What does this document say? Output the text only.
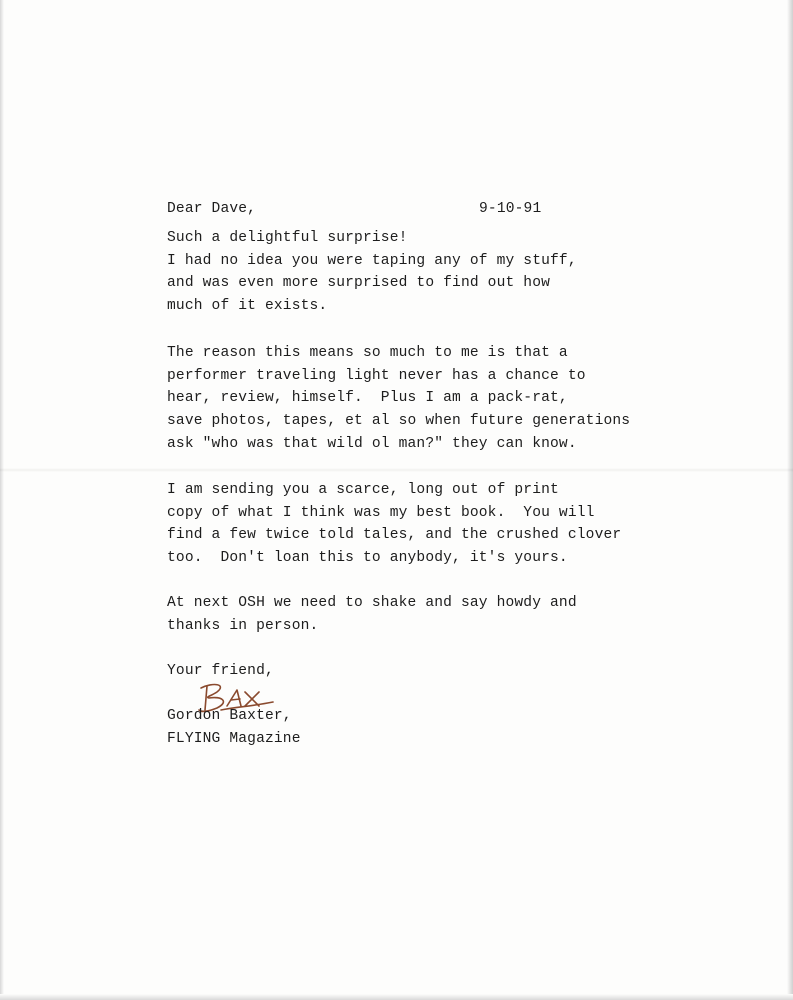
Dear Dave,	9-10-91
Such a delightful surprise!
I had no idea you were taping any of my stuff,
and was even more surprised to find out how
much of it exists.
The reason this means so much to me is that a
performer traveling light never has a chance to
hear, review, himself.  Plus I am a pack-rat,
save photos, tapes, et al so when future generations
ask "who was that wild ol man?" they can know.
I am sending you a scarce, long out of print
copy of what I think was my best book.  You will
find a few twice told tales, and the crushed clover
too.  Don't loan this to anybody, it's yours.
At next OSH we need to shake and say howdy and
thanks in person.
Your friend,
Gordon Baxter,
FLYING Magazine
